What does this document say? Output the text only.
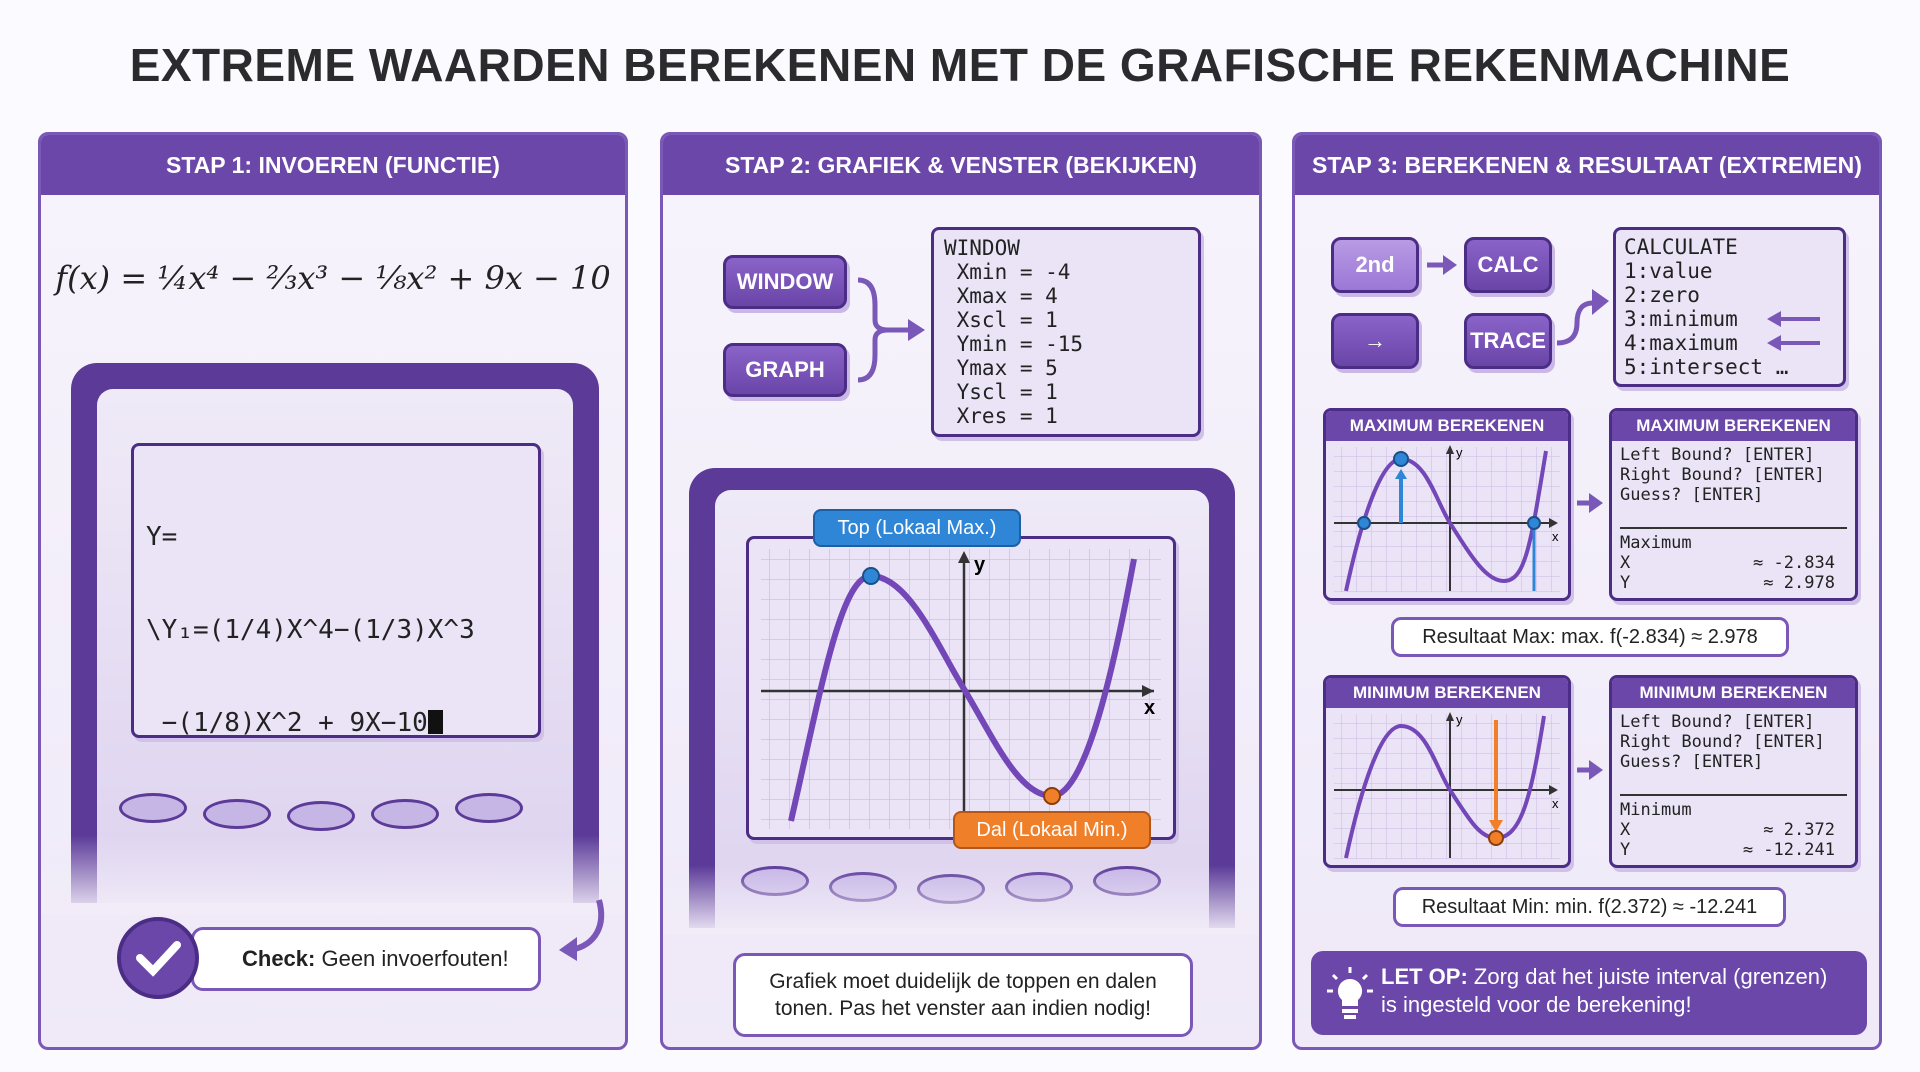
EXTREME WAARDEN BEREKENEN MET DE GRAFISCHE REKENMACHINE
STAP 1: INVOEREN (FUNCTIE)
f(x) = ¼x⁴ − ⅔x³ − ⅛x² + 9x − 10

Y=

\Y₁=(1/4)X^4−(1/3)X^3

−(1/8)X^2 + 9X−10

Check: Geen invoerfouten!
STAP 2: GRAFIEK & VENSTER (BEKIJKEN)
WINDOW
GRAPH
WINDOW
Xmin = -4
Xmax = 4
Xscl = 1
Ymin = -15
Ymax = 5
Yscl = 1
Xres = 1
x
y
Top (Lokaal Max.)
Dal (Lokaal Min.)
Grafiek moet duidelijk de toppen en dalen tonen. Pas het venster aan indien nodig!
STAP 3: BEREKENEN & RESULTAAT (EXTREMEN)
2nd	CALC
→	TRACE
CALCULATE
1:value
2:zero
3:minimum
4:maximum
5:intersect …
MAXIMUM BEREKENEN
x
y
MAXIMUM BEREKENEN
Left Bound? [ENTER]
Right Bound? [ENTER]
Guess? [ENTER]
Maximum
X            ≈ -2.834
Y             ≈ 2.978
Resultaat Max: max. f(-2.834) ≈ 2.978
MINIMUM BEREKENEN
x
y
MINIMUM BEREKENEN
Left Bound? [ENTER]
Right Bound? [ENTER]
Guess? [ENTER]
Minimum
X             ≈ 2.372
Y           ≈ -12.241
Resultaat Min: min. f(2.372) ≈ -12.241
LET OP: Zorg dat het juiste interval (grenzen) is ingesteld voor de berekening!
